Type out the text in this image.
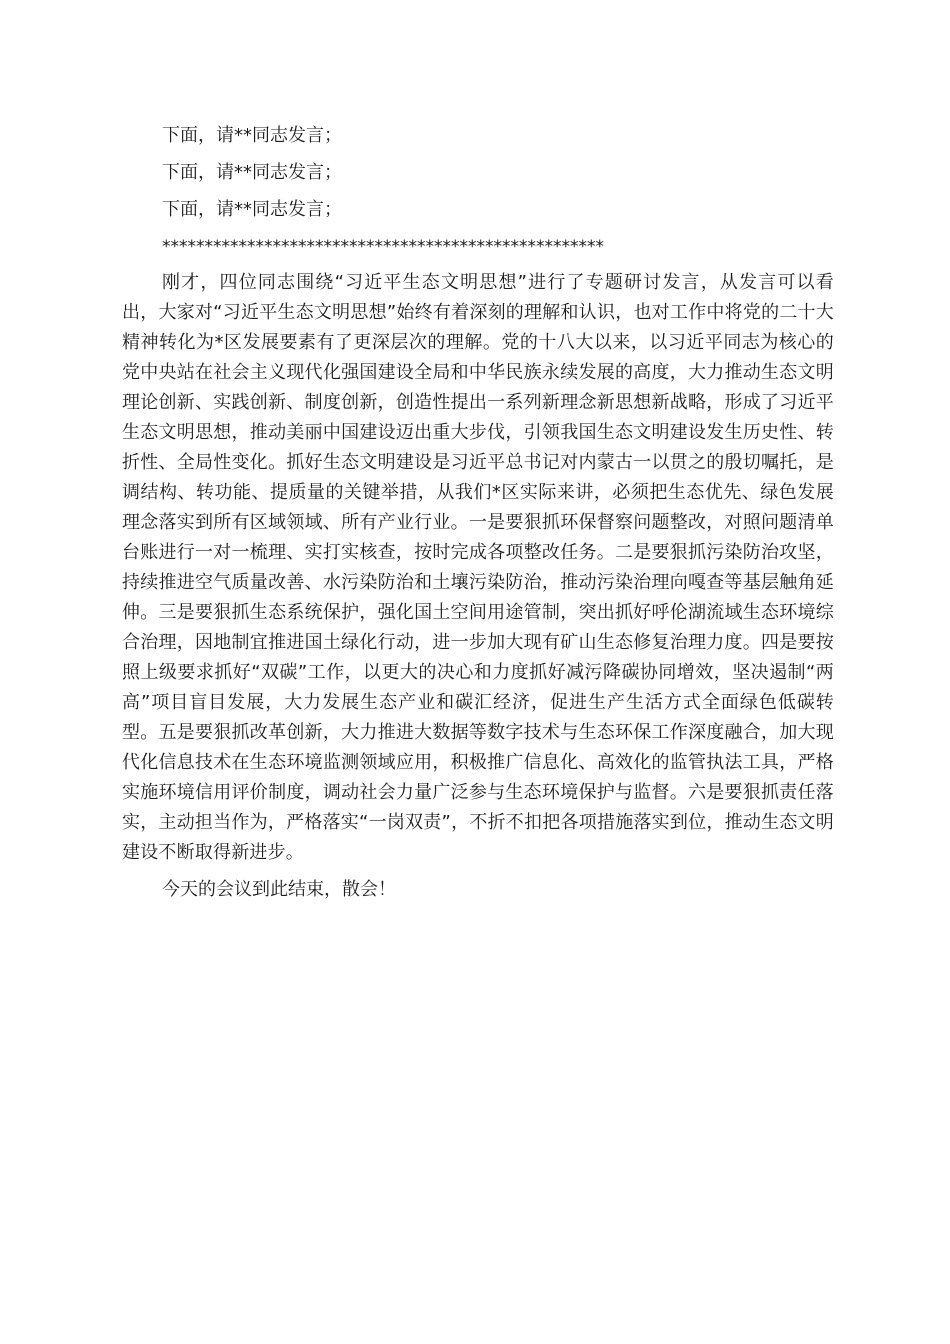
下面，请**同志发言；

下面，请**同志发言；

下面，请**同志发言；

****************************************************

刚才，四位同志围绕“习近平生态文明思想”进行了专题研讨发言，从发言可以看出，大家对“习近平生态文明思想”始终有着深刻的理解和认识，也对工作中将党的二十大精神转化为*区发展要素有了更深层次的理解。党的十八大以来，以习近平同志为核心的党中央站在社会主义现代化强国建设全局和中华民族永续发展的高度，大力推动生态文明理论创新、实践创新、制度创新，创造性提出一系列新理念新思想新战略，形成了习近平生态文明思想，推动美丽中国建设迈出重大步伐，引领我国生态文明建设发生历史性、转折性、全局性变化。抓好生态文明建设是习近平总书记对内蒙古一以贯之的殷切嘱托，是调结构、转功能、提质量的关键举措，从我们*区实际来讲，必须把生态优先、绿色发展理念落实到所有区域领域、所有产业行业。一是要狠抓环保督察问题整改，对照问题清单台账进行一对一梳理、实打实核查，按时完成各项整改任务。二是要狠抓污染防治攻坚，持续推进空气质量改善、水污染防治和土壤污染防治，推动污染治理向嘎查等基层触角延伸。三是要狠抓生态系统保护，强化国土空间用途管制，突出抓好呼伦湖流域生态环境综合治理，因地制宜推进国土绿化行动，进一步加大现有矿山生态修复治理力度。四是要按照上级要求抓好“双碳”工作，以更大的决心和力度抓好减污降碳协同增效，坚决遏制“两高”项目盲目发展，大力发展生态产业和碳汇经济，促进生产生活方式全面绿色低碳转型。五是要狠抓改革创新，大力推进大数据等数字技术与生态环保工作深度融合，加大现代化信息技术在生态环境监测领域应用，积极推广信息化、高效化的监管执法工具，严格实施环境信用评价制度，调动社会力量广泛参与生态环境保护与监督。六是要狠抓责任落实，主动担当作为，严格落实“一岗双责”，不折不扣把各项措施落实到位，推动生态文明建设不断取得新进步。

今天的会议到此结束，散会！
